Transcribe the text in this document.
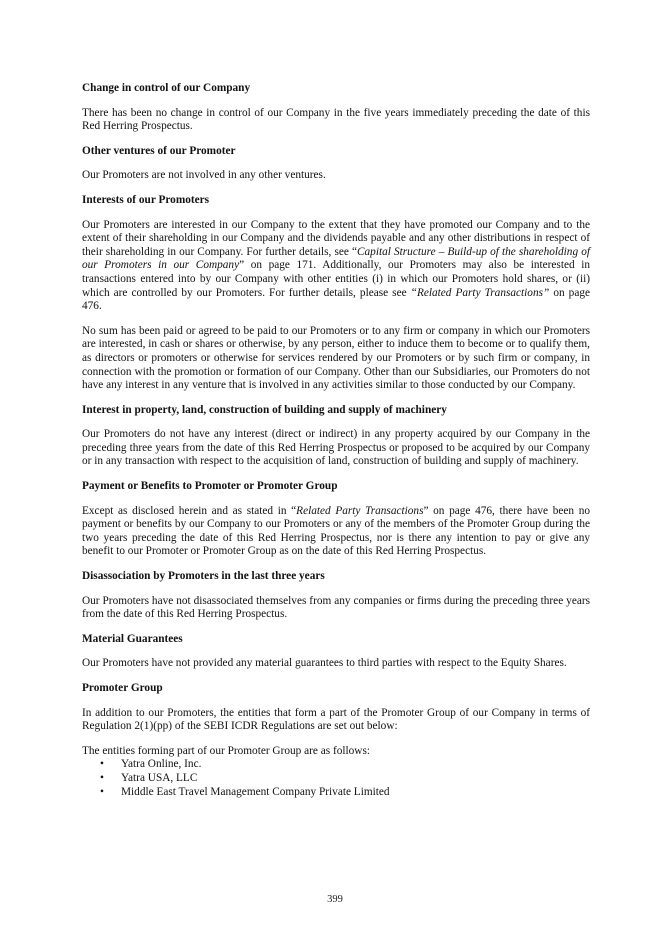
Change in control of our Company

There has been no change in control of our Company in the five years immediately preceding the date of this Red Herring Prospectus.

Other ventures of our Promoter

Our Promoters are not involved in any other ventures.

Interests of our Promoters

Our Promoters are interested in our Company to the extent that they have promoted our Company and to the extent of their shareholding in our Company and the dividends payable and any other distributions in respect of their shareholding in our Company. For further details, see “Capital Structure – Build-up of the shareholding of our Promoters in our Company” on page 171. Additionally, our Promoters may also be interested in transactions entered into by our Company with other entities (i) in which our Promoters hold shares, or (ii) which are controlled by our Promoters. For further details, please see “Related Party Transactions” on page 476.

No sum has been paid or agreed to be paid to our Promoters or to any firm or company in which our Promoters are interested, in cash or shares or otherwise, by any person, either to induce them to become or to qualify them, as directors or promoters or otherwise for services rendered by our Promoters or by such firm or company, in connection with the promotion or formation of our Company. Other than our Subsidiaries, our Promoters do not have any interest in any venture that is involved in any activities similar to those conducted by our Company.

Interest in property, land, construction of building and supply of machinery

Our Promoters do not have any interest (direct or indirect) in any property acquired by our Company in the preceding three years from the date of this Red Herring Prospectus or proposed to be acquired by our Company or in any transaction with respect to the acquisition of land, construction of building and supply of machinery.

Payment or Benefits to Promoter or Promoter Group

Except as disclosed herein and as stated in “Related Party Transactions” on page 476, there have been no payment or benefits by our Company to our Promoters or any of the members of the Promoter Group during the two years preceding the date of this Red Herring Prospectus, nor is there any intention to pay or give any benefit to our Promoter or Promoter Group as on the date of this Red Herring Prospectus.

Disassociation by Promoters in the last three years

Our Promoters have not disassociated themselves from any companies or firms during the preceding three years from the date of this Red Herring Prospectus.

Material Guarantees

Our Promoters have not provided any material guarantees to third parties with respect to the Equity Shares.

Promoter Group

In addition to our Promoters, the entities that form a part of the Promoter Group of our Company in terms of Regulation 2(1)(pp) of the SEBI ICDR Regulations are set out below:

The entities forming part of our Promoter Group are as follows:

• Yatra Online, Inc.
• Yatra USA, LLC
• Middle East Travel Management Company Private Limited
399
